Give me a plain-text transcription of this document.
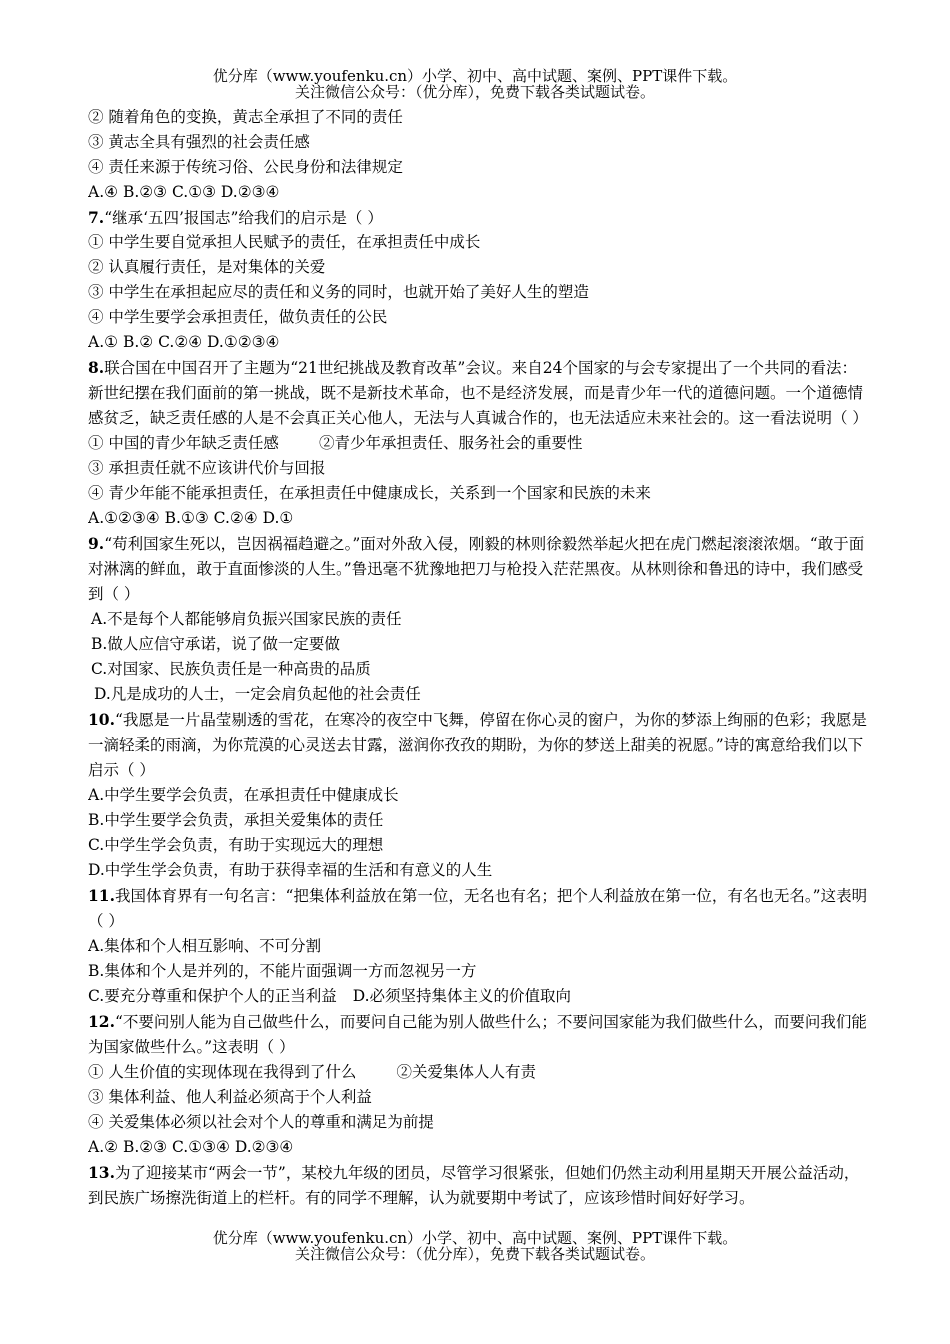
优分库（www.youfenku.cn）小学、初中、高中试题、案例、PPT课件下载。
关注微信公众号：（优分库），免费下载各类试题试卷。
② 随着角色的变换，黄志全承担了不同的责任
③ 黄志全具有强烈的社会责任感
④ 责任来源于传统习俗、公民身份和法律规定
A.④ B.②③ C.①③ D.②③④
7.“继承‘五四’报国志”给我们的启示是（ ）
① 中学生要自觉承担人民赋予的责任，在承担责任中成长
② 认真履行责任，是对集体的关爱
③ 中学生在承担起应尽的责任和义务的同时，也就开始了美好人生的塑造
④ 中学生要学会承担责任，做负责任的公民
A.① B.② C.②④ D.①②③④
8.联合国在中国召开了主题为“21世纪挑战及教育改革”会议。来自24个国家的与会专家提出了一个共同的看法：新世纪摆在我们面前的第一挑战，既不是新技术革命，也不是经济发展，而是青少年一代的道德问题。一个道德情感贫乏，缺乏责任感的人是不会真正关心他人，无法与人真诚合作的，也无法适应未来社会的。这一看法说明（ ）
① 中国的青少年缺乏责任感	②青少年承担责任、服务社会的重要性
③ 承担责任就不应该讲代价与回报
④ 青少年能不能承担责任，在承担责任中健康成长，关系到一个国家和民族的未来
A.①②③④ B.①③ C.②④ D.①
9.“苟利国家生死以，岂因祸福趋避之。”面对外敌入侵，刚毅的林则徐毅然举起火把在虎门燃起滚滚浓烟。“敢于面对淋漓的鲜血，敢于直面惨淡的人生。”鲁迅毫不犹豫地把刀与枪投入茫茫黑夜。从林则徐和鲁迅的诗中，我们感受到（ ）
A.不是每个人都能够肩负振兴国家民族的责任
B.做人应信守承诺，说了做一定要做
C.对国家、民族负责任是一种高贵的品质
D.凡是成功的人士，一定会肩负起他的社会责任
10.“我愿是一片晶莹剔透的雪花，在寒冷的夜空中飞舞，停留在你心灵的窗户，为你的梦添上绚丽的色彩；我愿是一滴轻柔的雨滴，为你荒漠的心灵送去甘露，滋润你孜孜的期盼，为你的梦送上甜美的祝愿。”诗的寓意给我们以下启示（ ）
A.中学生要学会负责，在承担责任中健康成长
B.中学生要学会负责，承担关爱集体的责任
C.中学生学会负责，有助于实现远大的理想
D.中学生学会负责，有助于获得幸福的生活和有意义的人生
11.我国体育界有一句名言：“把集体利益放在第一位，无名也有名；把个人利益放在第一位，有名也无名。”这表明（ ）
A.集体和个人相互影响、不可分割
B.集体和个人是并列的，不能片面强调一方而忽视另一方
C.要充分尊重和保护个人的正当利益 D.必须坚持集体主义的价值取向
12.“不要问别人能为自己做些什么，而要问自己能为别人做些什么；不要问国家能为我们做些什么，而要问我们能为国家做些什么。”这表明（ ）
① 人生价值的实现体现在我得到了什么	②关爱集体人人有责
③ 集体利益、他人利益必须高于个人利益
④ 关爱集体必须以社会对个人的尊重和满足为前提
A.② B.②③ C.①③④ D.②③④
13.为了迎接某市“两会一节”，某校九年级的团员，尽管学习很紧张，但她们仍然主动利用星期天开展公益活动，到民族广场擦洗街道上的栏杆。有的同学不理解，认为就要期中考试了，应该珍惜时间好好学习。
优分库（www.youfenku.cn）小学、初中、高中试题、案例、PPT课件下载。
关注微信公众号：（优分库），免费下载各类试题试卷。
